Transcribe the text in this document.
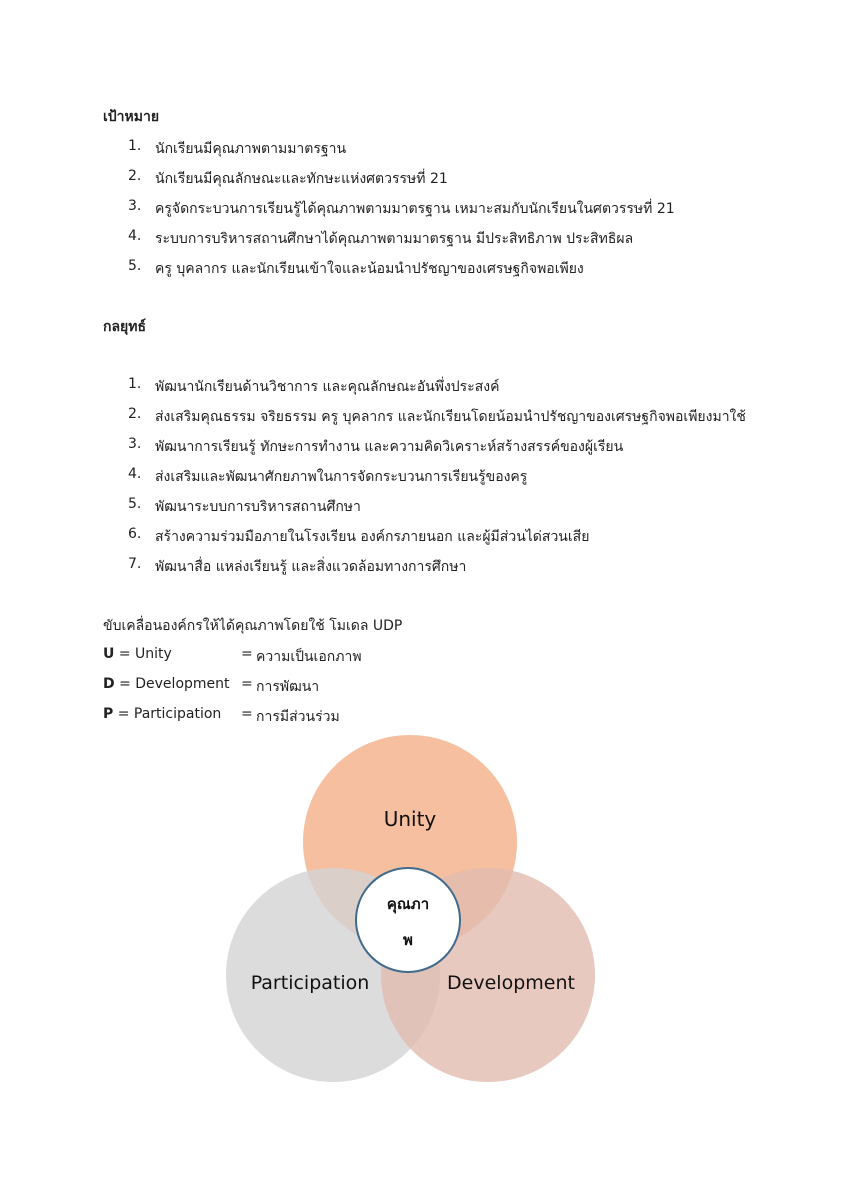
เป้าหมาย
1. นักเรียนมีคุณภาพตามมาตรฐาน
2. นักเรียนมีคุณลักษณะและทักษะแห่งศตวรรษที่ 21
3. ครูจัดกระบวนการเรียนรู้ได้คุณภาพตามมาตรฐาน เหมาะสมกับนักเรียนในศตวรรษที่ 21
4. ระบบการบริหารสถานศึกษาได้คุณภาพตามมาตรฐาน มีประสิทธิภาพ ประสิทธิผล
5. ครู บุคลากร และนักเรียนเข้าใจและน้อมนำปรัชญาของเศรษฐกิจพอเพียง
กลยุทธ์
1. พัฒนานักเรียนด้านวิชาการ และคุณลักษณะอันพึ่งประสงค์
2. ส่งเสริมคุณธรรม จริยธรรม ครู บุคลากร และนักเรียนโดยน้อมนำปรัชญาของเศรษฐกิจพอเพียงมาใช้
3. พัฒนาการเรียนรู้ ทักษะการทำงาน และความคิดวิเคราะห์สร้างสรรค์ของผู้เรียน
4. ส่งเสริมและพัฒนาศักยภาพในการจัดกระบวนการเรียนรู้ของครู
5. พัฒนาระบบการบริหารสถานศึกษา
6. สร้างความร่วมมือภายในโรงเรียน องค์กรภายนอก และผู้มีส่วนได่สวนเสีย
7. พัฒนาสื่อ แหล่งเรียนรู้ และสิ่งแวดล้อมทางการศึกษา

ขับเคลื่อนองค์กรให้ได้คุณภาพโดยใช้ โมเดล UDP

U = Unity	= ความเป็นเอกภาพ
D = Development = การพัฒนา
P = Participation = การมีส่วนร่วม
Unity
Participation	Development
คุณภา
พ
